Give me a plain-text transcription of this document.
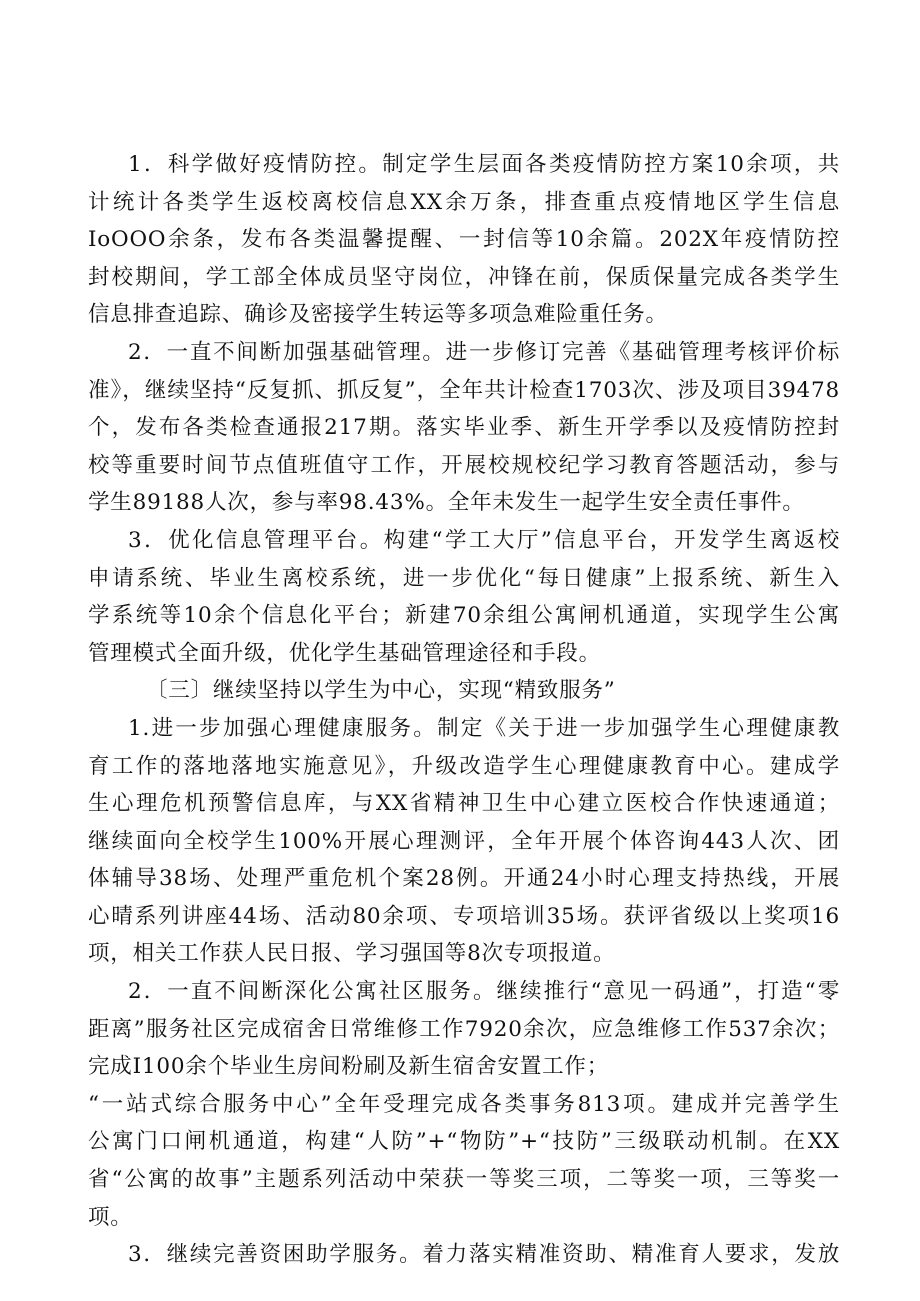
1．科学做好疫情防控。制定学生层面各类疫情防控方案10余项，共
计统计各类学生返校离校信息XX余万条，排查重点疫情地区学生信息
IoOOO余条，发布各类温馨提醒、一封信等10余篇。202X年疫情防控
封校期间，学工部全体成员坚守岗位，冲锋在前，保质保量完成各类学生
信息排查追踪、确诊及密接学生转运等多项急难险重任务。
2．一直不间断加强基础管理。进一步修订完善《基础管理考核评价标
准》，继续坚持“反复抓、抓反复”，全年共计检查1703次、涉及项目39478
个，发布各类检查通报217期。落实毕业季、新生开学季以及疫情防控封
校等重要时间节点值班值守工作，开展校规校纪学习教育答题活动，参与
学生89188人次，参与率98.43%。全年未发生一起学生安全责任事件。
3．优化信息管理平台。构建“学工大厅”信息平台，开发学生离返校
申请系统、毕业生离校系统，进一步优化“每日健康”上报系统、新生入
学系统等10余个信息化平台；新建70余组公寓闸机通道，实现学生公寓
管理模式全面升级，优化学生基础管理途径和手段。
〔三〕继续坚持以学生为中心，实现“精致服务”
1.进一步加强心理健康服务。制定《关于进一步加强学生心理健康教
育工作的落地落地实施意见》，升级改造学生心理健康教育中心。建成学
生心理危机预警信息库，与XX省精神卫生中心建立医校合作快速通道；
继续面向全校学生100%开展心理测评，全年开展个体咨询443人次、团
体辅导38场、处理严重危机个案28例。开通24小时心理支持热线，开展
心晴系列讲座44场、活动80余项、专项培训35场。获评省级以上奖项16
项，相关工作获人民日报、学习强国等8次专项报道。
2．一直不间断深化公寓社区服务。继续推行“意见一码通”，打造“零
距离”服务社区完成宿舍日常维修工作7920余次，应急维修工作537余次；
完成I100余个毕业生房间粉刷及新生宿舍安置工作；
“一站式综合服务中心”全年受理完成各类事务813项。建成并完善学生
公寓门口闸机通道，构建“人防”+“物防”+“技防”三级联动机制。在XX
省“公寓的故事”主题系列活动中荣获一等奖三项，二等奖一项，三等奖一
项。
3．继续完善资困助学服务。着力落实精准资助、精准育人要求，发放
